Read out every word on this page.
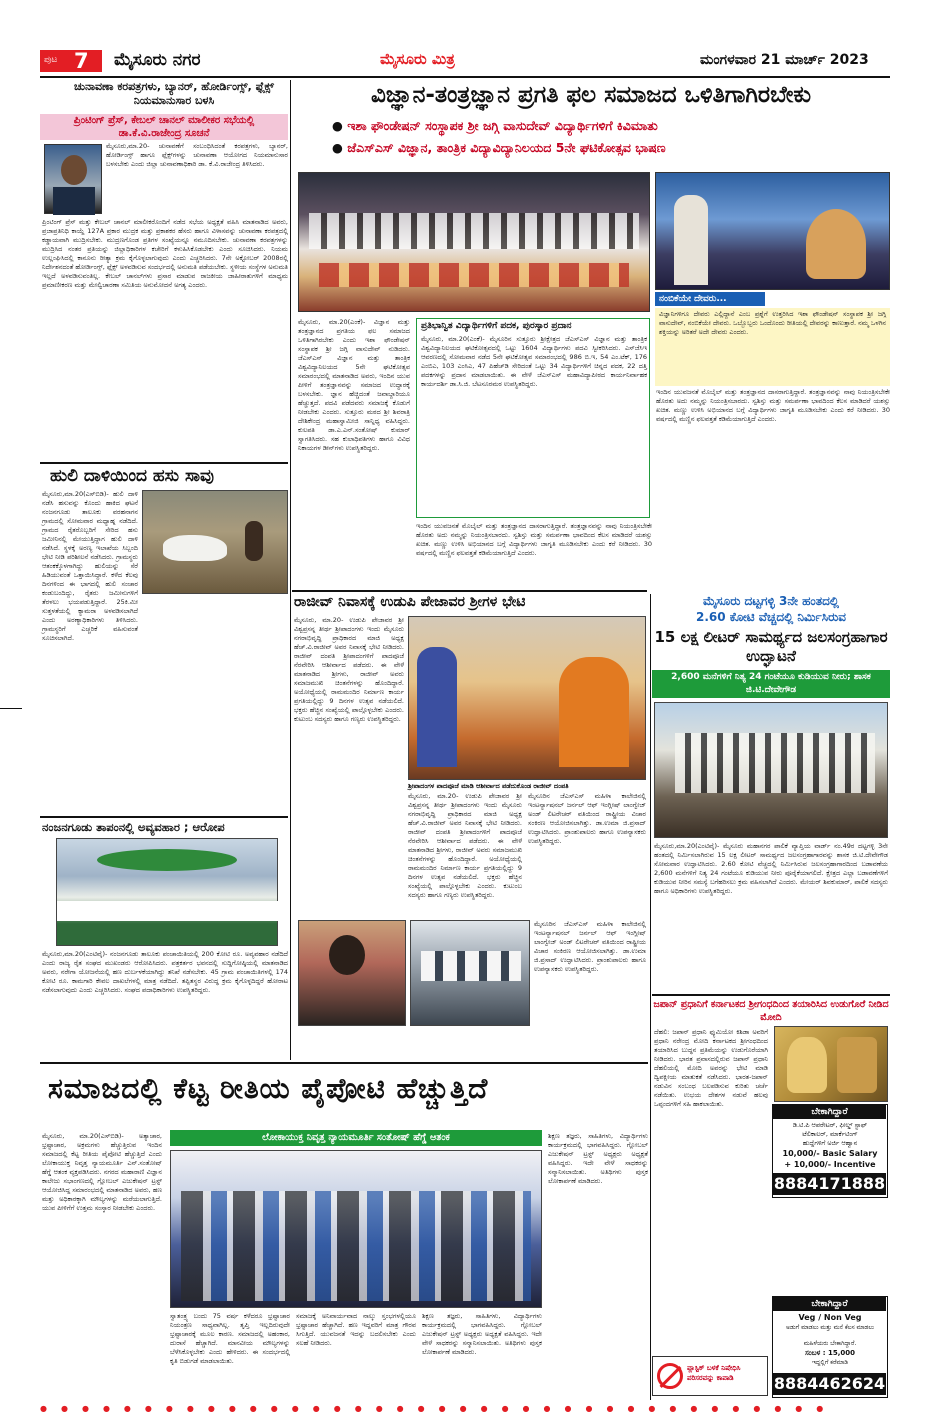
ಪುಟ 7 ಮೈಸೂರು ನಗರ	ಮೈಸೂರು ಮಿತ್ರ	ಮಂಗಳವಾರ 21 ಮಾರ್ಚ್ 2023
ಚುನಾವಣಾ ಕರಪತ್ರಗಳು, ಬ್ಯಾನರ್, ಹೋರ್ಡಿಂಗ್ಸ್, ಫ್ಲೆಕ್ಸ್ ನಿಯಮಾನುಸಾರ ಬಳಸಿ
ಪ್ರಿಂಟಿಂಗ್ ಪ್ರೆಸ್, ಕೇಬಲ್ ಚಾನಲ್ ಮಾಲೀಕರ ಸಭೆಯಲ್ಲಿ ಡಾ.ಕೆ.ವಿ.ರಾಜೇಂದ್ರ ಸೂಚನೆ
ಮೈಸೂರು,ಮಾ.20- ಚುನಾವಣೆಗೆ ಸಂಬಂಧಿಸಿದಂತೆ ಕರಪತ್ರಗಳು, ಬ್ಯಾನರ್, ಹೋರ್ಡಿಂಗ್ಸ್ ಹಾಗೂ ಫ್ಲೆಕ್ಸ್‌ಗಳನ್ನು ಚುನಾವಣಾ ಆಯೋಗದ ನಿಯಮಾನುಸಾರ ಬಳಸಬೇಕು ಎಂದು ಜಿಲ್ಲಾ ಚುನಾವಣಾಧಿಕಾರಿ ಡಾ. ಕೆ.ವಿ.ರಾಜೇಂದ್ರ ತಿಳಿಸಿದರು.
ಪ್ರಿಂಟಿಂಗ್ ಪ್ರೆಸ್ ಮತ್ತು ಕೇಬಲ್ ಚಾನಲ್ ಮಾಲೀಕರೊಂದಿಗೆ ನಡೆದ ಸಭೆಯ ಅಧ್ಯಕ್ಷತೆ ವಹಿಸಿ ಮಾತನಾಡಿದ ಅವರು, ಪ್ರಜಾಪ್ರತಿನಿಧಿ ಕಾಯ್ದೆ 127A ಪ್ರಕಾರ ಮುದ್ರಕ ಮತ್ತು ಪ್ರಕಾಶಕರ ಹೆಸರು ಹಾಗೂ ವಿಳಾಸವನ್ನು ಚುನಾವಣಾ ಕರಪತ್ರದಲ್ಲಿ ಕಡ್ಡಾಯವಾಗಿ ಮುದ್ರಿಸಬೇಕು. ಮುದ್ರಣಗೊಂಡ ಪ್ರತಿಗಳ ಸಂಖ್ಯೆಯನ್ನೂ ನಮೂದಿಸಬೇಕು. ಚುನಾವಣಾ ಕರಪತ್ರಗಳನ್ನು ಮುದ್ರಿಸಿದ ನಂತರ ಪ್ರತಿಯನ್ನು ಜಿಲ್ಲಾಧಿಕಾರಿಗಳ ಕಚೇರಿಗೆ ಕಳುಹಿಸಿಕೊಡಬೇಕು ಎಂದು ಸೂಚಿಸಿದರು. ನಿಯಮ ಉಲ್ಲಂಘಿಸಿದಲ್ಲಿ ಕಾನೂನು ರೀತ್ಯಾ ಕ್ರಮ ಕೈಗೊಳ್ಳಲಾಗುವುದು ಎಂದು ಎಚ್ಚರಿಸಿದರು. 7ನೇ ಅಕ್ಟೋಬರ್ 2008ರಲ್ಲಿ ನಿರ್ದೇಶನದಂತೆ ಹೋರ್ಡಿಂಗ್ಸ್, ಫ್ಲೆಕ್ಸ್ ಅಳವಡಿಸುವ ಸಂದರ್ಭದಲ್ಲಿ ಅನುಮತಿ ಪಡೆಯಬೇಕು. ಸ್ಥಳೀಯ ಸಂಸ್ಥೆಗಳ ಅನುಮತಿ ಇಲ್ಲದೆ ಅಳವಡಿಸುವಂತಿಲ್ಲ. ಕೇಬಲ್ ಚಾನಲ್‌ಗಳು ಪ್ರಸಾರ ಮಾಡುವ ರಾಜಕೀಯ ಜಾಹೀರಾತುಗಳಿಗೆ ಮಾಧ್ಯಮ ಪ್ರಮಾಣೀಕರಣ ಮತ್ತು ಮೇಲ್ವಿಚಾರಣಾ ಸಮಿತಿಯ ಅನುಮೋದನೆ ಅಗತ್ಯ ಎಂದರು.
ಹುಲಿ ದಾಳಿಯಿಂದ ಹಸು ಸಾವು
ಮೈಸೂರು,ಮಾ.20(ಎಸ್‌ಬಿಡಿ)- ಹುಲಿ ದಾಳಿ ನಡೆಸಿ ಹಸುವನ್ನು ಕೊಂದು ಹಾಕಿದ ಘಟನೆ ನಂಜನಗೂಡು ತಾಲೂಕು ವರಹನಾಗನ ಗ್ರಾಮದಲ್ಲಿ ಸೋಮವಾರ ಮಧ್ಯಾಹ್ನ ನಡೆದಿದೆ. ಗ್ರಾಮದ ರೈತರೊಬ್ಬರಿಗೆ ಸೇರಿದ ಹಸು ಜಮೀನಿನಲ್ಲಿ ಮೇಯುತ್ತಿದ್ದಾಗ ಹುಲಿ ದಾಳಿ ನಡೆಸಿದೆ. ಸ್ಥಳಕ್ಕೆ ಅರಣ್ಯ ಇಲಾಖೆಯ ಸಿಬ್ಬಂದಿ ಭೇಟಿ ನೀಡಿ ಪರಿಶೀಲನೆ ನಡೆಸಿದರು. ಗ್ರಾಮಸ್ಥರು ಆತಂಕಕ್ಕೊಳಗಾಗಿದ್ದು ಹುಲಿಯನ್ನು ಸೆರೆ ಹಿಡಿಯುವಂತೆ ಒತ್ತಾಯಿಸಿದ್ದಾರೆ. ಕಳೆದ ಕೆಲವು ದಿನಗಳಿಂದ ಈ ಭಾಗದಲ್ಲಿ ಹುಲಿ ಸಂಚಾರ ಕಂಡುಬಂದಿದ್ದು, ರೈತರು ಜಮೀನುಗಳಿಗೆ ತೆರಳಲು ಭಯಪಡುತ್ತಿದ್ದಾರೆ. 25ಕಿ.ಮೀ ಸುತ್ತಳತೆಯಲ್ಲಿ ಕ್ಯಾಮರಾ ಅಳವಡಿಸಲಾಗಿದೆ ಎಂದು ಅರಣ್ಯಾಧಿಕಾರಿಗಳು ತಿಳಿಸಿದರು. ಗ್ರಾಮಸ್ಥರಿಗೆ ಎಚ್ಚರಿಕೆ ವಹಿಸುವಂತೆ ಸೂಚಿಸಲಾಗಿದೆ.
ನಂಜನಗೂಡು ತಾಪಂನಲ್ಲಿ ಅವ್ಯವಹಾರ ; ಆರೋಪ
ಮೈಸೂರು,ಮಾ.20(ಎಂಟಿವೈ)- ನಂಜನಗೂಡು ತಾಲೂಕು ಪಂಚಾಯಿತಿಯಲ್ಲಿ 200 ಕೋಟಿ ರೂ. ಅವ್ಯವಹಾರ ನಡೆದಿದೆ ಎಂದು ರಾಜ್ಯ ರೈತ ಸಂಘದ ಮುಖಂಡರು ಆರೋಪಿಸಿದರು. ಪತ್ರಕರ್ತರ ಭವನದಲ್ಲಿ ಸುದ್ದಿಗೋಷ್ಠಿಯಲ್ಲಿ ಮಾತನಾಡಿದ ಅವರು, ನರೇಗಾ ಯೋಜನೆಯಲ್ಲಿ ಹಣ ದುರ್ಬಳಕೆಯಾಗಿದ್ದು ತನಿಖೆ ನಡೆಸಬೇಕು. 45 ಗ್ರಾಮ ಪಂಚಾಯಿತಿಗಳಲ್ಲಿ 174 ಕೋಟಿ ರೂ. ಕಾಮಗಾರಿ ಕೇವಲ ದಾಖಲೆಗಳಲ್ಲಿ ಮಾತ್ರ ನಡೆದಿದೆ. ತಪ್ಪಿತಸ್ಥರ ವಿರುದ್ಧ ಕ್ರಮ ಕೈಗೊಳ್ಳದಿದ್ದರೆ ಹೋರಾಟ ನಡೆಸಲಾಗುವುದು ಎಂದು ಎಚ್ಚರಿಸಿದರು. ಸಂಘದ ಪದಾಧಿಕಾರಿಗಳು ಉಪಸ್ಥಿತರಿದ್ದರು.
ವಿಜ್ಞಾನ-ತಂತ್ರಜ್ಞಾನ ಪ್ರಗತಿ ಫಲ ಸಮಾಜದ ಒಳಿತಿಗಾಗಿರಬೇಕು
● ಇಶಾ ಫೌಂಡೇಷನ್ ಸಂಸ್ಥಾಪಕ ಶ್ರೀ ಜಗ್ಗಿ ವಾಸುದೇವ್ ವಿದ್ಯಾರ್ಥಿಗಳಿಗೆ ಕಿವಿಮಾತು
● ಜೆಎಸ್‌ಎಸ್ ವಿಜ್ಞಾನ, ತಾಂತ್ರಿಕ ವಿದ್ಯಾವಿದ್ಯಾನಿಲಯದ 5ನೇ ಘಟಿಕೋತ್ಸವ ಭಾಷಣ
ನಂಬಿಕೆಯೇ ದೇವರು...
ವಿಜ್ಞಾನಿಗಳಿಗೂ ದೇವರು ಎಲ್ಲಿದ್ದಾನೆ ಎಂಬ ಪ್ರಶ್ನೆಗೆ ಉತ್ತರಿಸಿದ ಇಶಾ ಫೌಂಡೇಷನ್ ಸಂಸ್ಥಾಪಕ ಶ್ರೀ ಜಗ್ಗಿ ವಾಸುದೇವ್, ನಂಬಿಕೆಯೇ ದೇವರು. ಒಬ್ಬೊಬ್ಬರು ಒಂದೊಂದು ರೀತಿಯಲ್ಲಿ ದೇವರನ್ನು ಕಾಣುತ್ತಾರೆ. ನಮ್ಮ ಒಳಗಿನ ಶಕ್ತಿಯನ್ನು ಅರಿತರೆ ಅದೇ ದೇವರು ಎಂದರು.
ಮೈಸೂರು, ಮಾ.20(ಎಂಕೆ)- ವಿಜ್ಞಾನ ಮತ್ತು ತಂತ್ರಜ್ಞಾನದ ಪ್ರಗತಿಯ ಫಲ ಸಮಾಜದ ಒಳಿತಿಗಾಗಿರಬೇಕು ಎಂದು ಇಶಾ ಫೌಂಡೇಷನ್ ಸಂಸ್ಥಾಪಕ ಶ್ರೀ ಜಗ್ಗಿ ವಾಸುದೇವ್ ನುಡಿದರು. ಜೆಎಸ್‌ಎಸ್ ವಿಜ್ಞಾನ ಮತ್ತು ತಾಂತ್ರಿಕ ವಿಶ್ವವಿದ್ಯಾನಿಲಯದ 5ನೇ ಘಟಿಕೋತ್ಸವ ಸಮಾರಂಭದಲ್ಲಿ ಮಾತನಾಡಿದ ಅವರು, ಇಂದಿನ ಯುವ ಪೀಳಿಗೆ ತಂತ್ರಜ್ಞಾನವನ್ನು ಸಮಾಜದ ಉದ್ಧಾರಕ್ಕೆ ಬಳಸಬೇಕು. ಜ್ಞಾನ ಹೆಚ್ಚಿದಂತೆ ಜವಾಬ್ದಾರಿಯೂ ಹೆಚ್ಚುತ್ತದೆ. ಪದವಿ ಪಡೆದವರು ಸಮಾಜಕ್ಕೆ ಕೊಡುಗೆ ನೀಡಬೇಕು ಎಂದರು. ಸುತ್ತೂರು ಮಠದ ಶ್ರೀ ಶಿವರಾತ್ರಿ ದೇಶಿಕೇಂದ್ರ ಮಹಾಸ್ವಾಮೀಜಿ ಸಾನ್ನಿಧ್ಯ ವಹಿಸಿದ್ದರು. ಕುಲಪತಿ ಡಾ.ಎ.ಎನ್.ಸಂತೋಷ್ ಕುಮಾರ್ ಸ್ವಾಗತಿಸಿದರು. ಸಹ ಕುಲಾಧಿಪತಿಗಳು ಹಾಗೂ ವಿವಿಧ ನಿಕಾಯಗಳ ಡೀನ್‌ಗಳು ಉಪಸ್ಥಿತರಿದ್ದರು.
ಪ್ರತಿಭಾನ್ವಿತ ವಿದ್ಯಾರ್ಥಿಗಳಿಗೆ ಪದಕ, ಪುರಸ್ಕಾರ ಪ್ರದಾನ
ಮೈಸೂರು, ಮಾ.20(ಎಂಕೆ)- ಮೈಸೂರಿನ ಸುತ್ತೂರು ಶ್ರೀಕ್ಷೇತ್ರದ ಜೆಎಸ್‌ಎಸ್ ವಿಜ್ಞಾನ ಮತ್ತು ತಾಂತ್ರಿಕ ವಿಶ್ವವಿದ್ಯಾನಿಲಯದ ಘಟಿಕೋತ್ಸವದಲ್ಲಿ ಒಟ್ಟು 1604 ವಿದ್ಯಾರ್ಥಿಗಳು ಪದವಿ ಸ್ವೀಕರಿಸಿದರು. ಎಸ್‌ಜೆಸಿಇ ಆವರಣದಲ್ಲಿ ಸೋಮವಾರ ನಡೆದ 5ನೇ ಘಟಿಕೋತ್ಸವ ಸಮಾರಂಭದಲ್ಲಿ 986 ಬಿ.ಇ, 54 ಎಂ.ಟೆಕ್, 176 ಎಂಬಿಎ, 103 ಎಂಸಿಎ, 47 ಪಿಹೆಚ್‌ಡಿ ಸೇರಿದಂತೆ ಒಟ್ಟು 34 ವಿದ್ಯಾರ್ಥಿಗಳಿಗೆ ಚಿನ್ನದ ಪದಕ, 22 ದತ್ತಿ ಪದಕಗಳನ್ನು ಪ್ರದಾನ ಮಾಡಲಾಯಿತು. ಈ ವೇಳೆ ಜೆಎಸ್‌ಎಸ್ ಮಹಾವಿದ್ಯಾಪೀಠದ ಕಾರ್ಯನಿರ್ವಾಹಕ ಕಾರ್ಯದರ್ಶಿ ಡಾ.ಸಿ.ಜಿ. ಬೆಟಸೂರಮಠ ಉಪಸ್ಥಿತರಿದ್ದರು.
ಇಂದಿನ ಯುವಜನತೆ ಮೊಬೈಲ್ ಮತ್ತು ತಂತ್ರಜ್ಞಾನದ ದಾಸರಾಗುತ್ತಿದ್ದಾರೆ. ತಂತ್ರಜ್ಞಾನವನ್ನು ನಾವು ನಿಯಂತ್ರಿಸಬೇಕೇ ಹೊರತು ಅದು ನಮ್ಮನ್ನು ನಿಯಂತ್ರಿಸಬಾರದು. ಸ್ವಶಿಸ್ತು ಮತ್ತು ಸಮರ್ಪಣಾ ಭಾವದಿಂದ ಕೆಲಸ ಮಾಡಿದರೆ ಯಶಸ್ಸು ಖಚಿತ. ಮಣ್ಣು ಉಳಿಸಿ ಅಭಿಯಾನದ ಬಗ್ಗೆ ವಿದ್ಯಾರ್ಥಿಗಳು ಜಾಗೃತಿ ಮೂಡಿಸಬೇಕು ಎಂದು ಕರೆ ನೀಡಿದರು. 30 ವರ್ಷದಲ್ಲಿ ಮಣ್ಣಿನ ಫಲವತ್ತತೆ ಕಡಿಮೆಯಾಗುತ್ತಿದೆ ಎಂದರು.
ಇಂದಿನ ಯುವಜನತೆ ಮೊಬೈಲ್ ಮತ್ತು ತಂತ್ರಜ್ಞಾನದ ದಾಸರಾಗುತ್ತಿದ್ದಾರೆ. ತಂತ್ರಜ್ಞಾನವನ್ನು ನಾವು ನಿಯಂತ್ರಿಸಬೇಕೇ ಹೊರತು ಅದು ನಮ್ಮನ್ನು ನಿಯಂತ್ರಿಸಬಾರದು. ಸ್ವಶಿಸ್ತು ಮತ್ತು ಸಮರ್ಪಣಾ ಭಾವದಿಂದ ಕೆಲಸ ಮಾಡಿದರೆ ಯಶಸ್ಸು ಖಚಿತ. ಮಣ್ಣು ಉಳಿಸಿ ಅಭಿಯಾನದ ಬಗ್ಗೆ ವಿದ್ಯಾರ್ಥಿಗಳು ಜಾಗೃತಿ ಮೂಡಿಸಬೇಕು ಎಂದು ಕರೆ ನೀಡಿದರು. 30 ವರ್ಷದಲ್ಲಿ ಮಣ್ಣಿನ ಫಲವತ್ತತೆ ಕಡಿಮೆಯಾಗುತ್ತಿದೆ ಎಂದರು.
ರಾಜೀವ್ ನಿವಾಸಕ್ಕೆ ಉಡುಪಿ ಪೇಜಾವರ ಶ್ರೀಗಳ ಭೇಟಿ
ಮೈಸೂರು, ಮಾ.20- ಉಡುಪಿ ಪೇಜಾವರ ಶ್ರೀ ವಿಶ್ವಪ್ರಸನ್ನ ತೀರ್ಥ ಶ್ರೀಪಾದಂಗಳು ಇಂದು ಮೈಸೂರು ನಗರಾಭಿವೃದ್ಧಿ ಪ್ರಾಧಿಕಾರದ ಮಾಜಿ ಅಧ್ಯಕ್ಷ ಹೆಚ್.ವಿ.ರಾಜೀವ್ ಅವರ ನಿವಾಸಕ್ಕೆ ಭೇಟಿ ನೀಡಿದರು. ರಾಜೀವ್ ದಂಪತಿ ಶ್ರೀಪಾದಂಗಳಿಗೆ ಪಾದಪೂಜೆ ನೆರವೇರಿಸಿ ಆಶೀರ್ವಾದ ಪಡೆದರು. ಈ ವೇಳೆ ಮಾತನಾಡಿದ ಶ್ರೀಗಳು, ರಾಜೀವ್ ಅವರು ಸಮಾಜಮುಖಿ ಚಿಂತನೆಗಳನ್ನು ಹೊಂದಿದ್ದಾರೆ. ಅಯೋಧ್ಯೆಯಲ್ಲಿ ರಾಮಮಂದಿರ ನಿರ್ಮಾಣ ಕಾರ್ಯ ಪ್ರಗತಿಯಲ್ಲಿದ್ದು 9 ದಿನಗಳ ಉತ್ಸವ ನಡೆಯಲಿದೆ. ಭಕ್ತರು ಹೆಚ್ಚಿನ ಸಂಖ್ಯೆಯಲ್ಲಿ ಪಾಲ್ಗೊಳ್ಳಬೇಕು ಎಂದರು. ಕುಟುಂಬ ಸದಸ್ಯರು ಹಾಗೂ ಗಣ್ಯರು ಉಪಸ್ಥಿತರಿದ್ದರು.
ಶ್ರೀಪಾದಂಗಳ ಪಾದಪೂಜೆ ಮಾಡಿ ಆಶೀರ್ವಾದ ಪಡೆದುಕೊಂಡ ರಾಜೀವ್ ದಂಪತಿ
ಮೈಸೂರು, ಮಾ.20- ಉಡುಪಿ ಪೇಜಾವರ ಶ್ರೀ ವಿಶ್ವಪ್ರಸನ್ನ ತೀರ್ಥ ಶ್ರೀಪಾದಂಗಳು ಇಂದು ಮೈಸೂರು ನಗರಾಭಿವೃದ್ಧಿ ಪ್ರಾಧಿಕಾರದ ಮಾಜಿ ಅಧ್ಯಕ್ಷ ಹೆಚ್.ವಿ.ರಾಜೀವ್ ಅವರ ನಿವಾಸಕ್ಕೆ ಭೇಟಿ ನೀಡಿದರು. ರಾಜೀವ್ ದಂಪತಿ ಶ್ರೀಪಾದಂಗಳಿಗೆ ಪಾದಪೂಜೆ ನೆರವೇರಿಸಿ ಆಶೀರ್ವಾದ ಪಡೆದರು. ಈ ವೇಳೆ ಮಾತನಾಡಿದ ಶ್ರೀಗಳು, ರಾಜೀವ್ ಅವರು ಸಮಾಜಮುಖಿ ಚಿಂತನೆಗಳನ್ನು ಹೊಂದಿದ್ದಾರೆ. ಅಯೋಧ್ಯೆಯಲ್ಲಿ ರಾಮಮಂದಿರ ನಿರ್ಮಾಣ ಕಾರ್ಯ ಪ್ರಗತಿಯಲ್ಲಿದ್ದು 9 ದಿನಗಳ ಉತ್ಸವ ನಡೆಯಲಿದೆ. ಭಕ್ತರು ಹೆಚ್ಚಿನ ಸಂಖ್ಯೆಯಲ್ಲಿ ಪಾಲ್ಗೊಳ್ಳಬೇಕು ಎಂದರು. ಕುಟುಂಬ ಸದಸ್ಯರು ಹಾಗೂ ಗಣ್ಯರು ಉಪಸ್ಥಿತರಿದ್ದರು.
ಮೈಸೂರಿನ ಜೆಎಸ್‌ಎಸ್ ಮಹಿಳಾ ಕಾಲೇಜಿನಲ್ಲಿ ಇಂಟರ್ನ್ಯಾಷನಲ್ ಜರ್ನಲ್ ಆಫ್ ಇಂಗ್ಲೀಷ್ ಲಾಂಗ್ವೇಜ್ ಅಂಡ್ ಲಿಟರೇಚರ್ ವತಿಯಿಂದ ರಾಷ್ಟ್ರೀಯ ವಿಚಾರ ಸಂಕಿರಣ ಆಯೋಜಿಸಲಾಗಿತ್ತು. ಡಾ.ಉಮಾ ಜಿ.ಪ್ರಸಾದ್ ಉದ್ಘಾಟಿಸಿದರು. ಪ್ರಾಂಶುಪಾಲರು ಹಾಗೂ ಉಪನ್ಯಾಸಕರು ಉಪಸ್ಥಿತರಿದ್ದರು.
ಮೈಸೂರಿನ ಜೆಎಸ್‌ಎಸ್ ಮಹಿಳಾ ಕಾಲೇಜಿನಲ್ಲಿ ಇಂಟರ್ನ್ಯಾಷನಲ್ ಜರ್ನಲ್ ಆಫ್ ಇಂಗ್ಲೀಷ್ ಲಾಂಗ್ವೇಜ್ ಅಂಡ್ ಲಿಟರೇಚರ್ ವತಿಯಿಂದ ರಾಷ್ಟ್ರೀಯ ವಿಚಾರ ಸಂಕಿರಣ ಆಯೋಜಿಸಲಾಗಿತ್ತು. ಡಾ.ಉಮಾ ಜಿ.ಪ್ರಸಾದ್ ಉದ್ಘಾಟಿಸಿದರು. ಪ್ರಾಂಶುಪಾಲರು ಹಾಗೂ ಉಪನ್ಯಾಸಕರು ಉಪಸ್ಥಿತರಿದ್ದರು.
ಮೈಸೂರು ದಟ್ಟಗಳ್ಳಿ 3ನೇ ಹಂತದಲ್ಲಿ
2.60 ಕೋಟಿ ವೆಚ್ಚದಲ್ಲಿ ನಿರ್ಮಿಸಿರುವ
15 ಲಕ್ಷ ಲೀಟರ್ ಸಾಮರ್ಥ್ಯದ ಜಲಸಂಗ್ರಹಾಗಾರ ಉದ್ಘಾಟನೆ
2,600 ಮನೆಗಳಿಗೆ ನಿತ್ಯ 24 ಗಂಟೆಯೂ ಕುಡಿಯುವ ನೀರು; ಶಾಸಕ ಜಿ.ಟಿ.ದೇವೇಗೌಡ
ಮೈಸೂರು,ಮಾ.20(ಎಂಟಿವೈ)- ಮೈಸೂರು ಮಹಾನಗರ ಪಾಲಿಕೆ ವ್ಯಾಪ್ತಿಯ ವಾರ್ಡ್ ನಂ.49ರ ದಟ್ಟಗಳ್ಳಿ 3ನೇ ಹಂತದಲ್ಲಿ ನಿರ್ಮಿಸಲಾಗಿರುವ 15 ಲಕ್ಷ ಲೀಟರ್ ಸಾಮರ್ಥ್ಯದ ಜಲಸಂಗ್ರಹಾಗಾರವನ್ನು ಶಾಸಕ ಜಿ.ಟಿ.ದೇವೇಗೌಡ ಸೋಮವಾರ ಉದ್ಘಾಟಿಸಿದರು. 2.60 ಕೋಟಿ ವೆಚ್ಚದಲ್ಲಿ ನಿರ್ಮಿಸಿರುವ ಜಲಸಂಗ್ರಹಾಗಾರದಿಂದ ಬಡಾವಣೆಯ 2,600 ಮನೆಗಳಿಗೆ ನಿತ್ಯ 24 ಗಂಟೆಯೂ ಕುಡಿಯುವ ನೀರು ಪೂರೈಕೆಯಾಗಲಿದೆ. ಕ್ಷೇತ್ರದ ಎಲ್ಲಾ ಬಡಾವಣೆಗಳಿಗೆ ಕುಡಿಯುವ ನೀರಿನ ಸಮಸ್ಯೆ ಬಗೆಹರಿಸಲು ಕ್ರಮ ವಹಿಸಲಾಗಿದೆ ಎಂದರು. ಮೇಯರ್ ಶಿವಕುಮಾರ್, ಪಾಲಿಕೆ ಸದಸ್ಯರು ಹಾಗೂ ಅಧಿಕಾರಿಗಳು ಉಪಸ್ಥಿತರಿದ್ದರು.
ಜಪಾನ್ ಪ್ರಧಾನಿಗೆ ಕರ್ನಾಟಕದ ಶ್ರೀಗಂಧದಿಂದ ತಯಾರಿಸಿದ ಉಡುಗೊರೆ ನೀಡಿದ ಮೋದಿ
ದೆಹಲಿ: ಜಪಾನ್ ಪ್ರಧಾನಿ ಫ್ಯುಮಿಯೋ ಕಿಶಿಡಾ ಅವರಿಗೆ ಪ್ರಧಾನಿ ನರೇಂದ್ರ ಮೋದಿ ಕರ್ನಾಟಕದ ಶ್ರೀಗಂಧದಿಂದ ತಯಾರಿಸಿದ ಬುದ್ಧನ ಪ್ರತಿಮೆಯನ್ನು ಉಡುಗೊರೆಯಾಗಿ ನೀಡಿದರು. ಭಾರತ ಪ್ರವಾಸದಲ್ಲಿರುವ ಜಪಾನ್ ಪ್ರಧಾನಿ ದೆಹಲಿಯಲ್ಲಿ ಮೋದಿ ಅವರನ್ನು ಭೇಟಿ ಮಾಡಿ ದ್ವಿಪಕ್ಷೀಯ ಮಾತುಕತೆ ನಡೆಸಿದರು. ಭಾರತ-ಜಪಾನ್ ನಡುವಿನ ಸಂಬಂಧ ಬಲಪಡಿಸುವ ಕುರಿತು ಚರ್ಚೆ ನಡೆಯಿತು. ಉಭಯ ದೇಶಗಳ ನಡುವೆ ಹಲವು ಒಪ್ಪಂದಗಳಿಗೆ ಸಹಿ ಹಾಕಲಾಯಿತು.
ಬೇಕಾಗಿದ್ದಾರೆ
ಡಿ.ಟಿ.ಪಿ ಆಪರೇಟರ್, ಫೀಲ್ಡ್ ಸ್ಟಾಫ್
ಟೆಲಿಕಾಲರ್, ಮಾರ್ಕೆಟಿಂಗ್
ಹುದ್ದೆಗಳಿಗೆ ಅರ್ಜಿ ಆಹ್ವಾನ
10,000/- Basic Salary
+ 10,000/- Incentive
8884171888
ಬೇಕಾಗಿದ್ದಾರೆ
Veg / Non Veg
ಅಡುಗೆ ಮಾಡಲು ಮತ್ತು ಮನೆ ಕೆಲಸ ಮಾಡಲು
ಮಹಿಳೆಯರು ಬೇಕಾಗಿದ್ದಾರೆ.
ಸಂಬಳ : 15,000
ಇದ್ದಲ್ಲಿಗೆ ಕರೆಮಾಡಿ
8884462624
ಪ್ಲಾಸ್ಟಿಕ್ ಬಳಕೆ ನಿಷೇಧಿಸಿ ಪರಿಸರವನ್ನು ಕಾಪಾಡಿ
ಸಮಾಜದಲ್ಲಿ ಕೆಟ್ಟ ರೀತಿಯ ಪೈಪೋಟಿ ಹೆಚ್ಚುತ್ತಿದೆ
ಲೋಕಾಯುಕ್ತ ನಿವೃತ್ತ ನ್ಯಾಯಮೂರ್ತಿ ಸಂತೋಷ್ ಹೆಗ್ಡೆ ಆತಂಕ
ಮೈಸೂರು, ಮಾ.20(ಎಸ್‌ಬಿಡಿ)- ಅತ್ಯಾಚಾರ, ಭ್ರಷ್ಟಾಚಾರ, ಅಕ್ರಮಗಳು ಹೆಚ್ಚುತ್ತಿರುವ ಇಂದಿನ ಸಮಾಜದಲ್ಲಿ ಕೆಟ್ಟ ರೀತಿಯ ಪೈಪೋಟಿ ಹೆಚ್ಚುತ್ತಿದೆ ಎಂದು ಲೋಕಾಯುಕ್ತ ನಿವೃತ್ತ ನ್ಯಾಯಮೂರ್ತಿ ಎನ್.ಸಂತೋಷ್ ಹೆಗ್ಡೆ ಆತಂಕ ವ್ಯಕ್ತಪಡಿಸಿದರು. ನಗರದ ಮಹಾರಾಣಿ ವಿಜ್ಞಾನ ಕಾಲೇಜು ಸಭಾಂಗಣದಲ್ಲಿ ಗ್ಲೋಬಲ್ ಎಜುಕೇಷನ್ ಟ್ರಸ್ಟ್ ಆಯೋಜಿಸಿದ್ದ ಸಮಾರಂಭದಲ್ಲಿ ಮಾತನಾಡಿದ ಅವರು, ಹಣ ಮತ್ತು ಅಧಿಕಾರಕ್ಕಾಗಿ ಮೌಲ್ಯಗಳನ್ನು ಮರೆಯಲಾಗುತ್ತಿದೆ. ಯುವ ಪೀಳಿಗೆಗೆ ಉತ್ತಮ ಸಂಸ್ಕಾರ ನೀಡಬೇಕು ಎಂದರು.
ಸ್ವಾತಂತ್ರ್ಯ ಬಂದು 75 ವರ್ಷ ಕಳೆದರೂ ಭ್ರಷ್ಟಾಚಾರ ನಿಯಂತ್ರಣ ಸಾಧ್ಯವಾಗಿಲ್ಲ. ತೃಪ್ತಿ ಇಲ್ಲದಿರುವುದೇ ಭ್ರಷ್ಟಾಚಾರಕ್ಕೆ ಮೂಲ ಕಾರಣ. ಸಮಾಜದಲ್ಲಿ ಅಹಂಕಾರ, ದುರಾಸೆ ಹೆಚ್ಚಾಗಿದೆ. ಮಾನವೀಯ ಮೌಲ್ಯಗಳನ್ನು ಬೆಳೆಸಿಕೊಳ್ಳಬೇಕು ಎಂದು ಹೇಳಿದರು. ಈ ಸಂದರ್ಭದಲ್ಲಿ ಕೃತಿ ಬಿಡುಗಡೆ ಮಾಡಲಾಯಿತು.
ಸಮಾಜಕ್ಕೆ ಅನಿವಾರ್ಯವಾದ ನಾಲ್ಕು ಸ್ತಂಭಗಳಲ್ಲಿಯೂ ಭ್ರಷ್ಟಾಚಾರ ಹೆಚ್ಚಾಗಿದೆ. ಹಣ ಇದ್ದವರಿಗೆ ಮಾತ್ರ ಗೌರವ ಸಿಗುತ್ತಿದೆ. ಯುವಜನತೆ ಇದನ್ನು ಬದಲಿಸಬೇಕು ಎಂದು ಸಲಹೆ ನೀಡಿದರು.
ಶಿಕ್ಷಣ ತಜ್ಞರು, ಸಾಹಿತಿಗಳು, ವಿದ್ಯಾರ್ಥಿಗಳು ಕಾರ್ಯಕ್ರಮದಲ್ಲಿ ಭಾಗವಹಿಸಿದ್ದರು. ಗ್ಲೋಬಲ್ ಎಜುಕೇಷನ್ ಟ್ರಸ್ಟ್ ಅಧ್ಯಕ್ಷರು ಅಧ್ಯಕ್ಷತೆ ವಹಿಸಿದ್ದರು. ಇದೇ ವೇಳೆ ಸಾಧಕರನ್ನು ಸನ್ಮಾನಿಸಲಾಯಿತು. ಅತಿಥಿಗಳು ಪುಸ್ತಕ ಲೋಕಾರ್ಪಣೆ ಮಾಡಿದರು.
ಶಿಕ್ಷಣ ತಜ್ಞರು, ಸಾಹಿತಿಗಳು, ವಿದ್ಯಾರ್ಥಿಗಳು ಕಾರ್ಯಕ್ರಮದಲ್ಲಿ ಭಾಗವಹಿಸಿದ್ದರು. ಗ್ಲೋಬಲ್ ಎಜುಕೇಷನ್ ಟ್ರಸ್ಟ್ ಅಧ್ಯಕ್ಷರು ಅಧ್ಯಕ್ಷತೆ ವಹಿಸಿದ್ದರು. ಇದೇ ವೇಳೆ ಸಾಧಕರನ್ನು ಸನ್ಮಾನಿಸಲಾಯಿತು. ಅತಿಥಿಗಳು ಪುಸ್ತಕ ಲೋಕಾರ್ಪಣೆ ಮಾಡಿದರು.
●●●●●●●●●●●●●●●●●●●●●●●●●●●●●●●●●●●●●●
